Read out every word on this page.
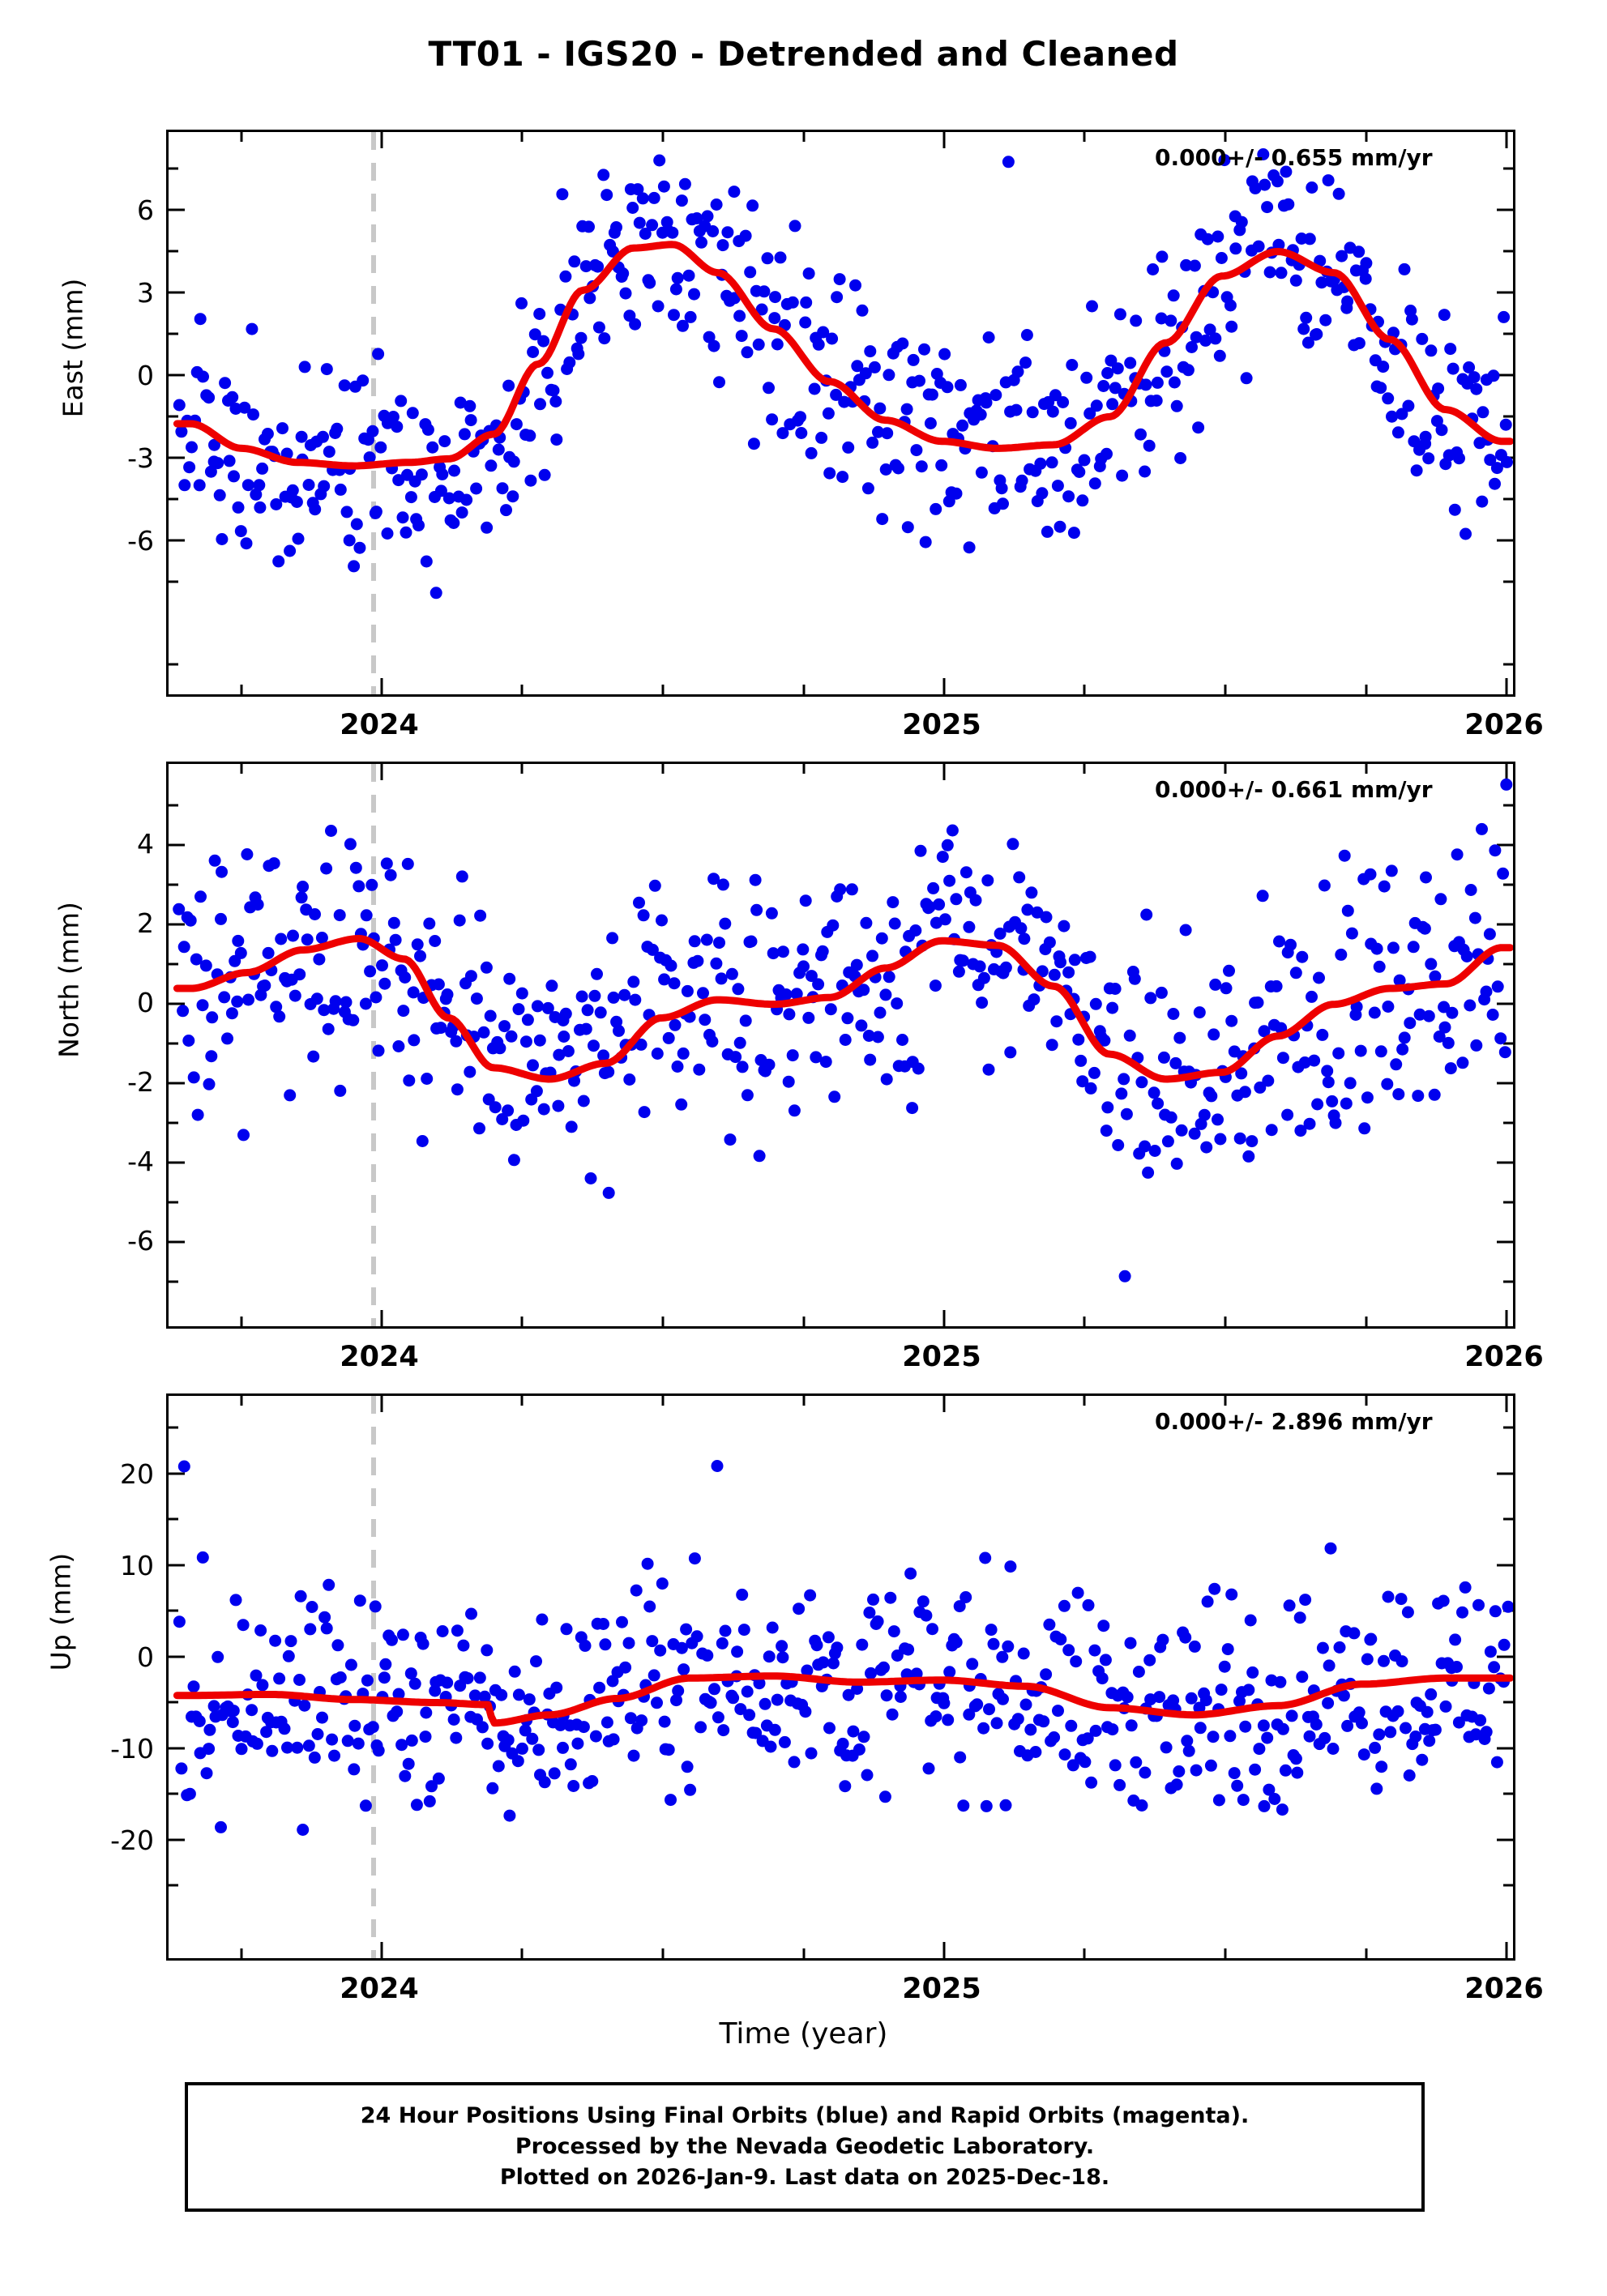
TT01 - IGS20 - Detrended and Cleaned
East (mm)
6
3
0
-3
-6
0.000+/- 0.655 mm/yr
2024	2025	2026
North (mm)
4
2
0
-2
-4
-6
0.000+/- 0.661 mm/yr
2024	2025	2026
Up (mm)
20
10
0
-10
-20
0.000+/- 2.896 mm/yr
2024	2025	2026
Time (year)
24 Hour Positions Using Final Orbits (blue) and Rapid Orbits (magenta).
Processed by the Nevada Geodetic Laboratory.
Plotted on 2026-Jan-9. Last data on 2025-Dec-18.
